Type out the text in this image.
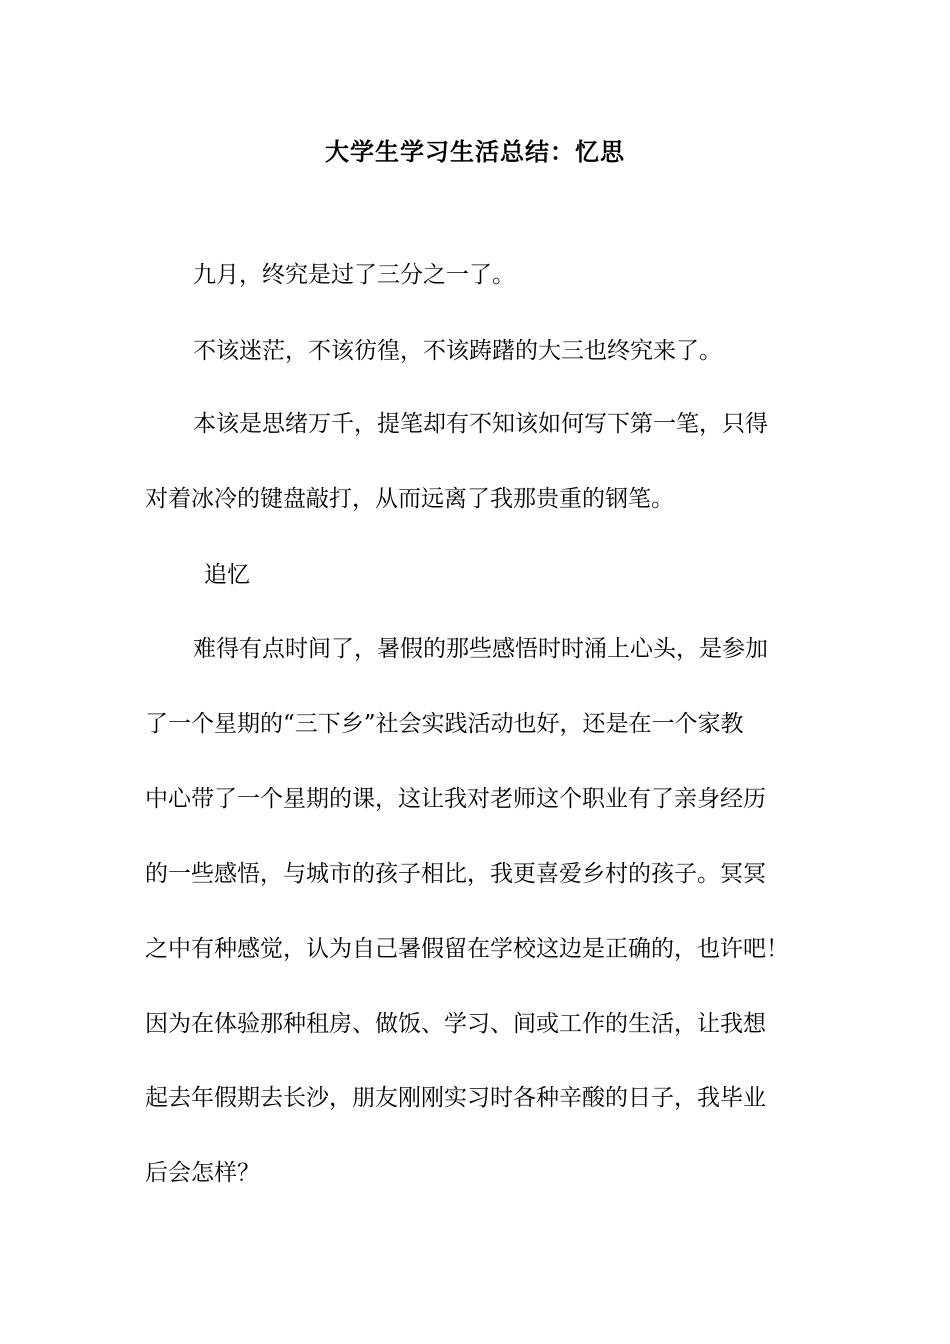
大学生学习生活总结：忆思
九月，终究是过了三分之一了。
不该迷茫，不该彷徨，不该踌躇的大三也终究来了。
本该是思绪万千，提笔却有不知该如何写下第一笔，只得
对着冰冷的键盘敲打，从而远离了我那贵重的钢笔。
追忆
难得有点时间了，暑假的那些感悟时时涌上心头，是参加
了一个星期的“三下乡”社会实践活动也好，还是在一个家教
中心带了一个星期的课，这让我对老师这个职业有了亲身经历
的一些感悟，与城市的孩子相比，我更喜爱乡村的孩子。冥冥
之中有种感觉，认为自己暑假留在学校这边是正确的，也许吧！
因为在体验那种租房、做饭、学习、间或工作的生活，让我想
起去年假期去长沙，朋友刚刚实习时各种辛酸的日子，我毕业
后会怎样？
